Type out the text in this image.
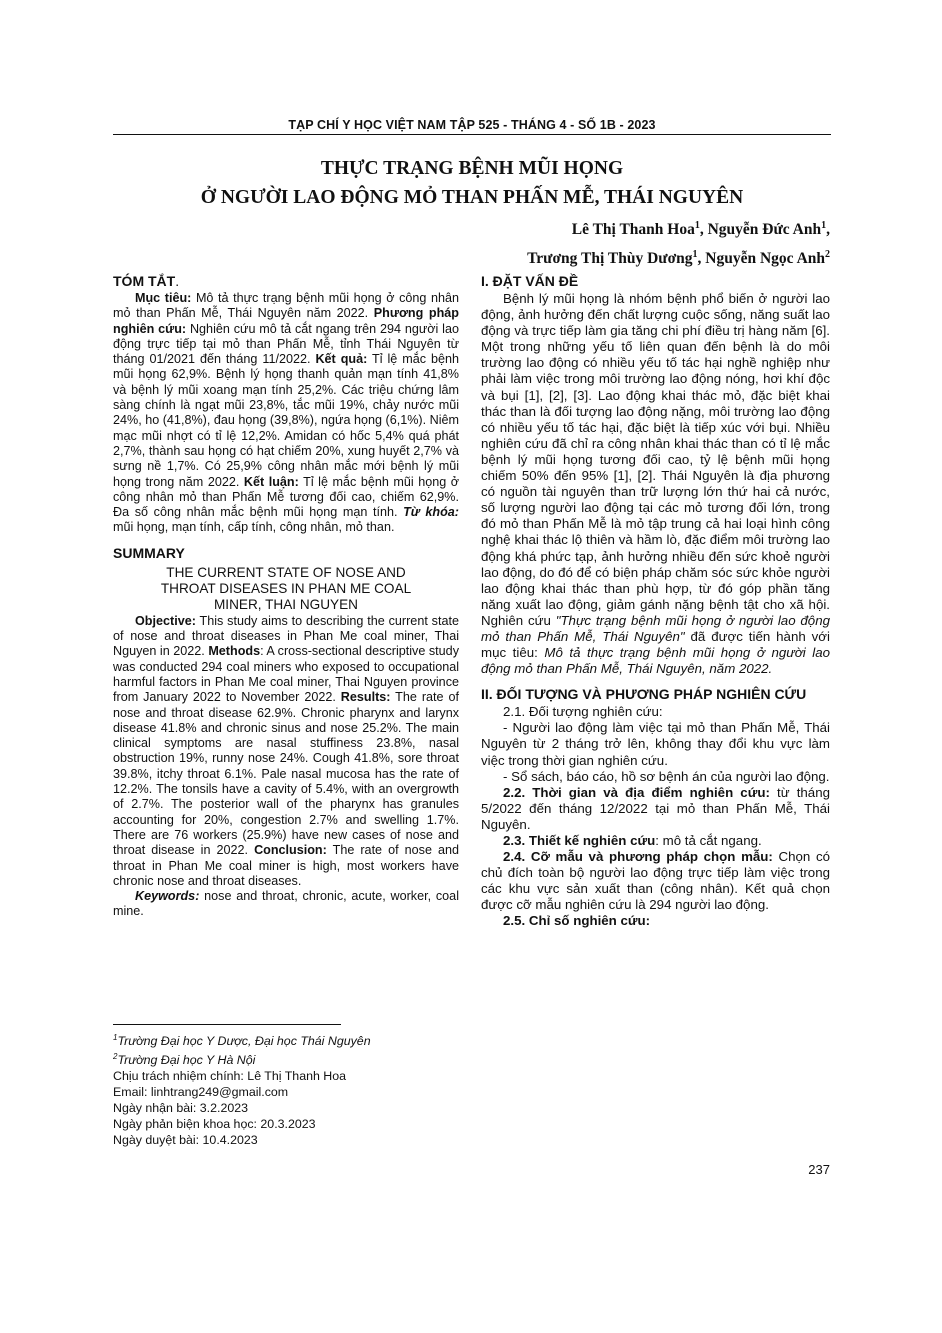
TẠP CHÍ Y HỌC VIỆT NAM TẬP 525 - THÁNG 4 - SỐ 1B - 2023
THỰC TRẠNG BỆNH MŨI HỌNG
Ở NGƯỜI LAO ĐỘNG MỎ THAN PHẤN MỄ, THÁI NGUYÊN
Lê Thị Thanh Hoa$^1$, Nguyễn Đức Anh$^1$,
Trương Thị Thùy Dương$^1$, Nguyễn Ngọc Anh$^2$
TÓM TẮT.

Mục tiêu: Mô tả thực trạng bệnh mũi họng ở công nhân mỏ than Phấn Mễ, Thái Nguyên năm 2022. Phương pháp nghiên cứu: Nghiên cứu mô tả cắt ngang trên 294 người lao động trực tiếp tại mỏ than Phấn Mễ, tỉnh Thái Nguyên từ tháng 01/2021 đến tháng 11/2022. Kết quả: Tỉ lệ mắc bệnh mũi họng 62,9%. Bệnh lý họng thanh quản mạn tính 41,8% và bệnh lý mũi xoang mạn tính 25,2%. Các triệu chứng lâm sàng chính là ngạt mũi 23,8%, tắc mũi 19%, chảy nước mũi 24%, ho (41,8%), đau họng (39,8%), ngứa họng (6,1%). Niêm mạc mũi nhợt có tỉ lệ 12,2%. Amidan có hốc 5,4% quá phát 2,7%, thành sau họng có hạt chiếm 20%, xung huyết 2,7% và sưng nề 1,7%. Có 25,9% công nhân mắc mới bệnh lý mũi họng trong năm 2022. Kết luận: Tỉ lệ mắc bệnh mũi họng ở công nhân mỏ than Phấn Mễ tương đối cao, chiếm 62,9%. Đa số công nhân mắc bệnh mũi họng mạn tính. Từ khóa: mũi họng, mạn tính, cấp tính, công nhân, mỏ than.

SUMMARY
THE CURRENT STATE OF NOSE AND
THROAT DISEASES IN PHAN ME COAL
MINER, THAI NGUYEN

Objective: This study aims to describing the current state of nose and throat diseases in Phan Me coal miner, Thai Nguyen in 2022. Methods: A cross-sectional descriptive study was conducted 294 coal miners who exposed to occupational harmful factors in Phan Me coal miner, Thai Nguyen province from January 2022 to November 2022. Results: The rate of nose and throat disease 62.9%. Chronic pharynx and larynx disease 41.8% and chronic sinus and nose 25.2%. The main clinical symptoms are nasal stuffiness 23.8%, nasal obstruction 19%, runny nose 24%. Cough 41.8%, sore throat 39.8%, itchy throat 6.1%. Pale nasal mucosa has the rate of 12.2%. The tonsils have a cavity of 5.4%, with an overgrowth of 2.7%. The posterior wall of the pharynx has granules accounting for 20%, congestion 2.7% and swelling 1.7%. There are 76 workers (25.9%) have new cases of nose and throat disease in 2022. Conclusion: The rate of nose and throat in Phan Me coal miner is high, most workers have chronic nose and throat diseases.

Keywords: nose and throat, chronic, acute, worker, coal mine.

$^1$Trường Đại học Y Dược, Đại học Thái Nguyên
$^2$Trường Đại học Y Hà Nội
Chịu trách nhiệm chính: Lê Thị Thanh Hoa
Email: linhtrang249@gmail.com
Ngày nhận bài: 3.2.2023
Ngày phản biện khoa học: 20.3.2023
Ngày duyệt bài: 10.4.2023
I. ĐẶT VẤN ĐỀ

Bệnh lý mũi họng là nhóm bệnh phổ biến ở người lao động, ảnh hưởng đến chất lượng cuộc sống, năng suất lao động và trực tiếp làm gia tăng chi phí điều trị hàng năm [6]. Một trong những yếu tố liên quan đến bệnh là do môi trường lao động có nhiều yếu tố tác hại nghề nghiệp như phải làm việc trong môi trường lao động nóng, hơi khí độc và bụi [1], [2], [3]. Lao động khai thác mỏ, đặc biệt khai thác than là đối tượng lao động nặng, môi trường lao động có nhiều yếu tố tác hại, đặc biệt là tiếp xúc với bụi. Nhiều nghiên cứu đã chỉ ra công nhân khai thác than có tỉ lệ mắc bệnh lý mũi họng tương đối cao, tỷ lệ bệnh mũi họng chiếm 50% đến 95% [1], [2]. Thái Nguyên là địa phương có nguồn tài nguyên than trữ lượng lớn thứ hai cả nước, số lượng người lao động tại các mỏ tương đối lớn, trong đó mỏ than Phấn Mễ là mỏ tập trung cả hai loại hình công nghệ khai thác lộ thiên và hầm lò, đặc điểm môi trường lao động khá phức tạp, ảnh hưởng nhiều đến sức khoẻ người lao động, do đó để có biện pháp chăm sóc sức khỏe người lao động khai thác than phù hợp, từ đó góp phần tăng năng xuất lao động, giảm gánh nặng bệnh tật cho xã hội. Nghiên cứu "Thực trạng bệnh mũi họng ở người lao động mỏ than Phấn Mễ, Thái Nguyên" đã được tiến hành với mục tiêu: Mô tả thực trạng bệnh mũi họng ở người lao động mỏ than Phấn Mễ, Thái Nguyên, năm 2022.

II. ĐỐI TƯỢNG VÀ PHƯƠNG PHÁP NGHIÊN CỨU

2.1. Đối tượng nghiên cứu:

- Người lao động làm việc tại mỏ than Phấn Mễ, Thái Nguyên từ 2 tháng trở lên, không thay đổi khu vực làm việc trong thời gian nghiên cứu.

- Sổ sách, báo cáo, hồ sơ bệnh án của người lao động.

2.2. Thời gian và địa điểm nghiên cứu: từ tháng 5/2022 đến tháng 12/2022 tại mỏ than Phấn Mễ, Thái Nguyên.

2.3. Thiết kế nghiên cứu: mô tả cắt ngang.

2.4. Cỡ mẫu và phương pháp chọn mẫu: Chọn có chủ đích toàn bộ người lao động trực tiếp làm việc trong các khu vực sản xuất than (công nhân). Kết quả chọn được cỡ mẫu nghiên cứu là 294 người lao động.

2.5. Chỉ số nghiên cứu:

237
